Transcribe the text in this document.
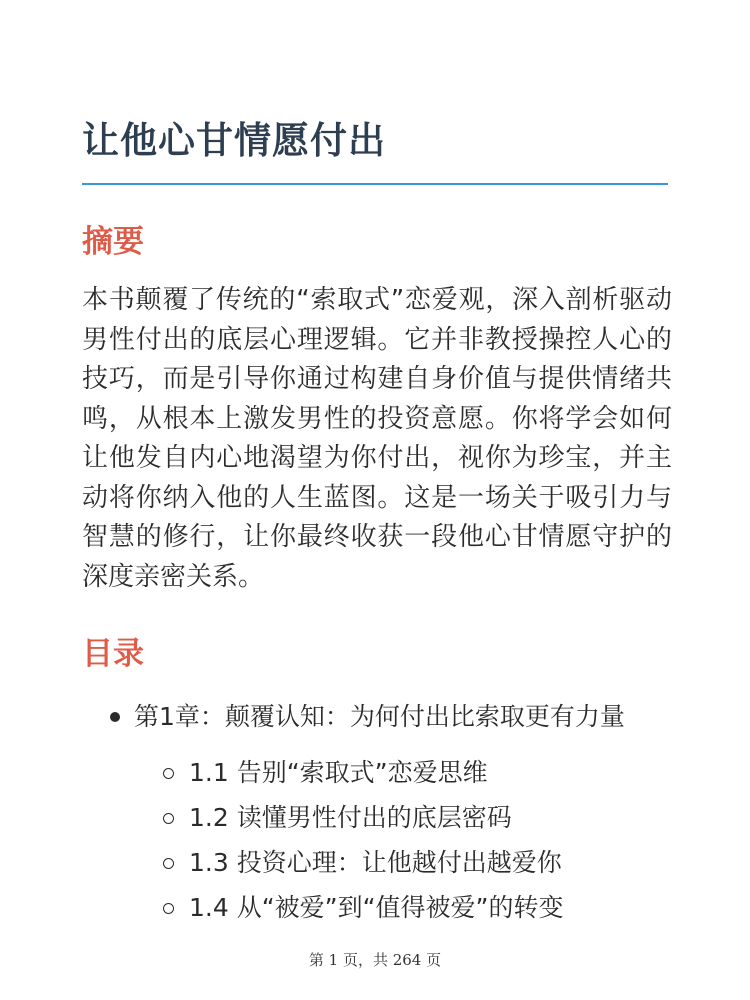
让他心甘情愿付出
摘要

本书颠覆了传统的“索取式”恋爱观，深入剖析驱动男性付出的底层心理逻辑。它并非教授操控人心的技巧，而是引导你通过构建自身价值与提供情绪共鸣，从根本上激发男性的投资意愿。你将学会如何让他发自内心地渴望为你付出，视你为珍宝，并主动将你纳入他的人生蓝图。这是一场关于吸引力与智慧的修行，让你最终收获一段他心甘情愿守护的深度亲密关系。

目录
第1章：颠覆认知：为何付出比索取更有力量
1.1 告别“索取式”恋爱思维
1.2 读懂男性付出的底层密码
1.3 投资心理：让他越付出越爱你
1.4 从“被爱”到“值得被爱”的转变
第 1 页，共 264 页
